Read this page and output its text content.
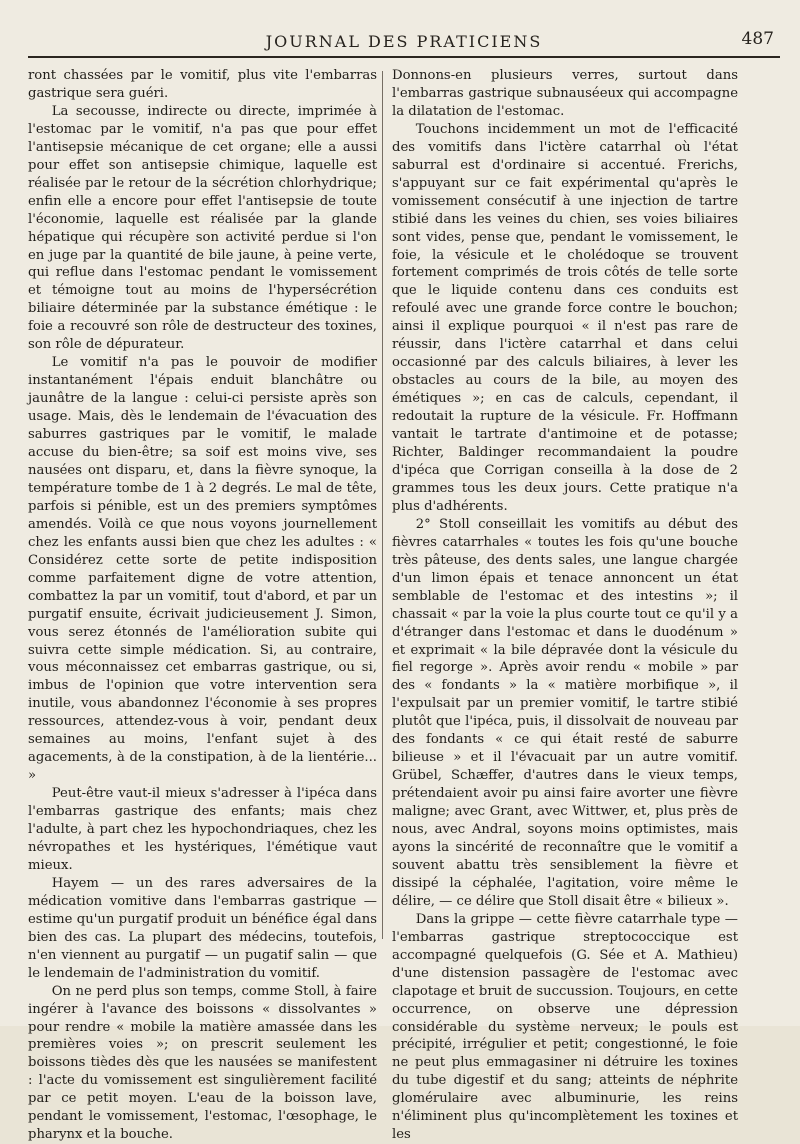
JOURNAL DES PRATICIENS	487

ront chassées par le vomitif, plus vite l'embarras gastrique sera guéri.

La secousse, indirecte ou directe, imprimée à l'estomac par le vomitif, n'a pas que pour effet l'antisepsie mécanique de cet organe; elle a aussi pour effet son antisepsie chimique, laquelle est réalisée par le retour de la sécrétion chlorhydrique; enfin elle a encore pour effet l'antisepsie de toute l'économie, laquelle est réalisée par la glande hépatique qui récupère son activité perdue si l'on en juge par la quantité de bile jaune, à peine verte, qui reflue dans l'estomac pendant le vomissement et témoigne tout au moins de l'hypersécrétion biliaire déterminée par la substance émétique : le foie a recouvré son rôle de destructeur des toxines, son rôle de dépurateur.

Le vomitif n'a pas le pouvoir de modifier instantanément l'épais enduit blanchâtre ou jaunâtre de la langue : celui-ci persiste après son usage. Mais, dès le lendemain de l'évacuation des saburres gastriques par le vomitif, le malade accuse du bien-être; sa soif est moins vive, ses nausées ont disparu, et, dans la fièvre synoque, la température tombe de 1 à 2 degrés. Le mal de tête, parfois si pénible, est un des premiers symptômes amendés. Voilà ce que nous voyons journellement chez les enfants aussi bien que chez les adultes : « Considérez cette sorte de petite indisposition comme parfaitement digne de votre attention, combattez la par un vomitif, tout d'abord, et par un purgatif ensuite, écrivait judicieusement J. Simon, vous serez étonnés de l'amélioration subite qui suivra cette simple médication. Si, au contraire, vous méconnaissez cet embarras gastrique, ou si, imbus de l'opinion que votre intervention sera inutile, vous abandonnez l'économie à ses propres ressources, attendez-vous à voir, pendant deux semaines au moins, l'enfant sujet à des agacements, à de la constipation, à de la lientérie... »

Peut-être vaut-il mieux s'adresser à l'ipéca dans l'embarras gastrique des enfants; mais chez l'adulte, à part chez les hypochondriaques, chez les névropathes et les hystériques, l'émétique vaut mieux.

Hayem — un des rares adversaires de la médication vomitive dans l'embarras gastrique — estime qu'un purgatif produit un bénéfice égal dans bien des cas. La plupart des médecins, toutefois, n'en viennent au purgatif — un pugatif salin — que le lendemain de l'administration du vomitif.

On ne perd plus son temps, comme Stoll, à faire ingérer à l'avance des boissons « dissolvantes » pour rendre « mobile la matière amassée dans les premières voies »; on prescrit seulement les boissons tièdes dès que les nausées se manifestent : l'acte du vomissement est singulièrement facilité par ce petit moyen. L'eau de la boisson lave, pendant le vomissement, l'estomac, l'œsophage, le pharynx et la bouche.

Donnons-en plusieurs verres, surtout dans l'embarras gastrique subnauséeux qui accompagne la dilatation de l'estomac.

Touchons incidemment un mot de l'efficacité des vomitifs dans l'ictère catarrhal où l'état saburral est d'ordinaire si accentué. Frerichs, s'appuyant sur ce fait expérimental qu'après le vomissement consécutif à une injection de tartre stibié dans les veines du chien, ses voies biliaires sont vides, pense que, pendant le vomissement, le foie, la vésicule et le cholédoque se trouvent fortement comprimés de trois côtés de telle sorte que le liquide contenu dans ces conduits est refoulé avec une grande force contre le bouchon; ainsi il explique pourquoi « il n'est pas rare de réussir, dans l'ictère catarrhal et dans celui occasionné par des calculs biliaires, à lever les obstacles au cours de la bile, au moyen des émétiques »; en cas de calculs, cependant, il redoutait la rupture de la vésicule. Fr. Hoffmann vantait le tartrate d'antimoine et de potasse; Richter, Baldinger recommandaient la poudre d'ipéca que Corrigan conseilla à la dose de 2 grammes tous les deux jours. Cette pratique n'a plus d'adhérents.

2° Stoll conseillait les vomitifs au début des fièvres catarrhales « toutes les fois qu'une bouche très pâteuse, des dents sales, une langue chargée d'un limon épais et tenace annoncent un état semblable de l'estomac et des intestins »; il chassait « par la voie la plus courte tout ce qu'il y a d'étranger dans l'estomac et dans le duodénum » et exprimait « la bile dépravée dont la vésicule du fiel regorge ». Après avoir rendu « mobile » par des « fondants » la « matière morbifique », il l'expulsait par un premier vomitif, le tartre stibié plutôt que l'ipéca, puis, il dissolvait de nouveau par des fondants « ce qui était resté de saburre bilieuse » et il l'évacuait par un autre vomitif. Grübel, Schæffer, d'autres dans le vieux temps, prétendaient avoir pu ainsi faire avorter une fièvre maligne; avec Grant, avec Wittwer, et, plus près de nous, avec Andral, soyons moins optimistes, mais ayons la sincérité de reconnaître que le vomitif a souvent abattu très sensiblement la fièvre et dissipé la céphalée, l'agitation, voire même le délire, — ce délire que Stoll disait être « bilieux ».

Dans la grippe — cette fièvre catarrhale type — l'embarras gastrique streptococcique est accompagné quelquefois (G. Sée et A. Mathieu) d'une distension passagère de l'estomac avec clapotage et bruit de succussion. Toujours, en cette occurrence, on observe une dépression considérable du système nerveux; le pouls est précipité, irrégulier et petit; congestionné, le foie ne peut plus emmagasiner ni détruire les toxines du tube digestif et du sang; atteints de néphrite glomérulaire avec albuminurie, les reins n'éliminent plus qu'incomplètement les toxines et les
